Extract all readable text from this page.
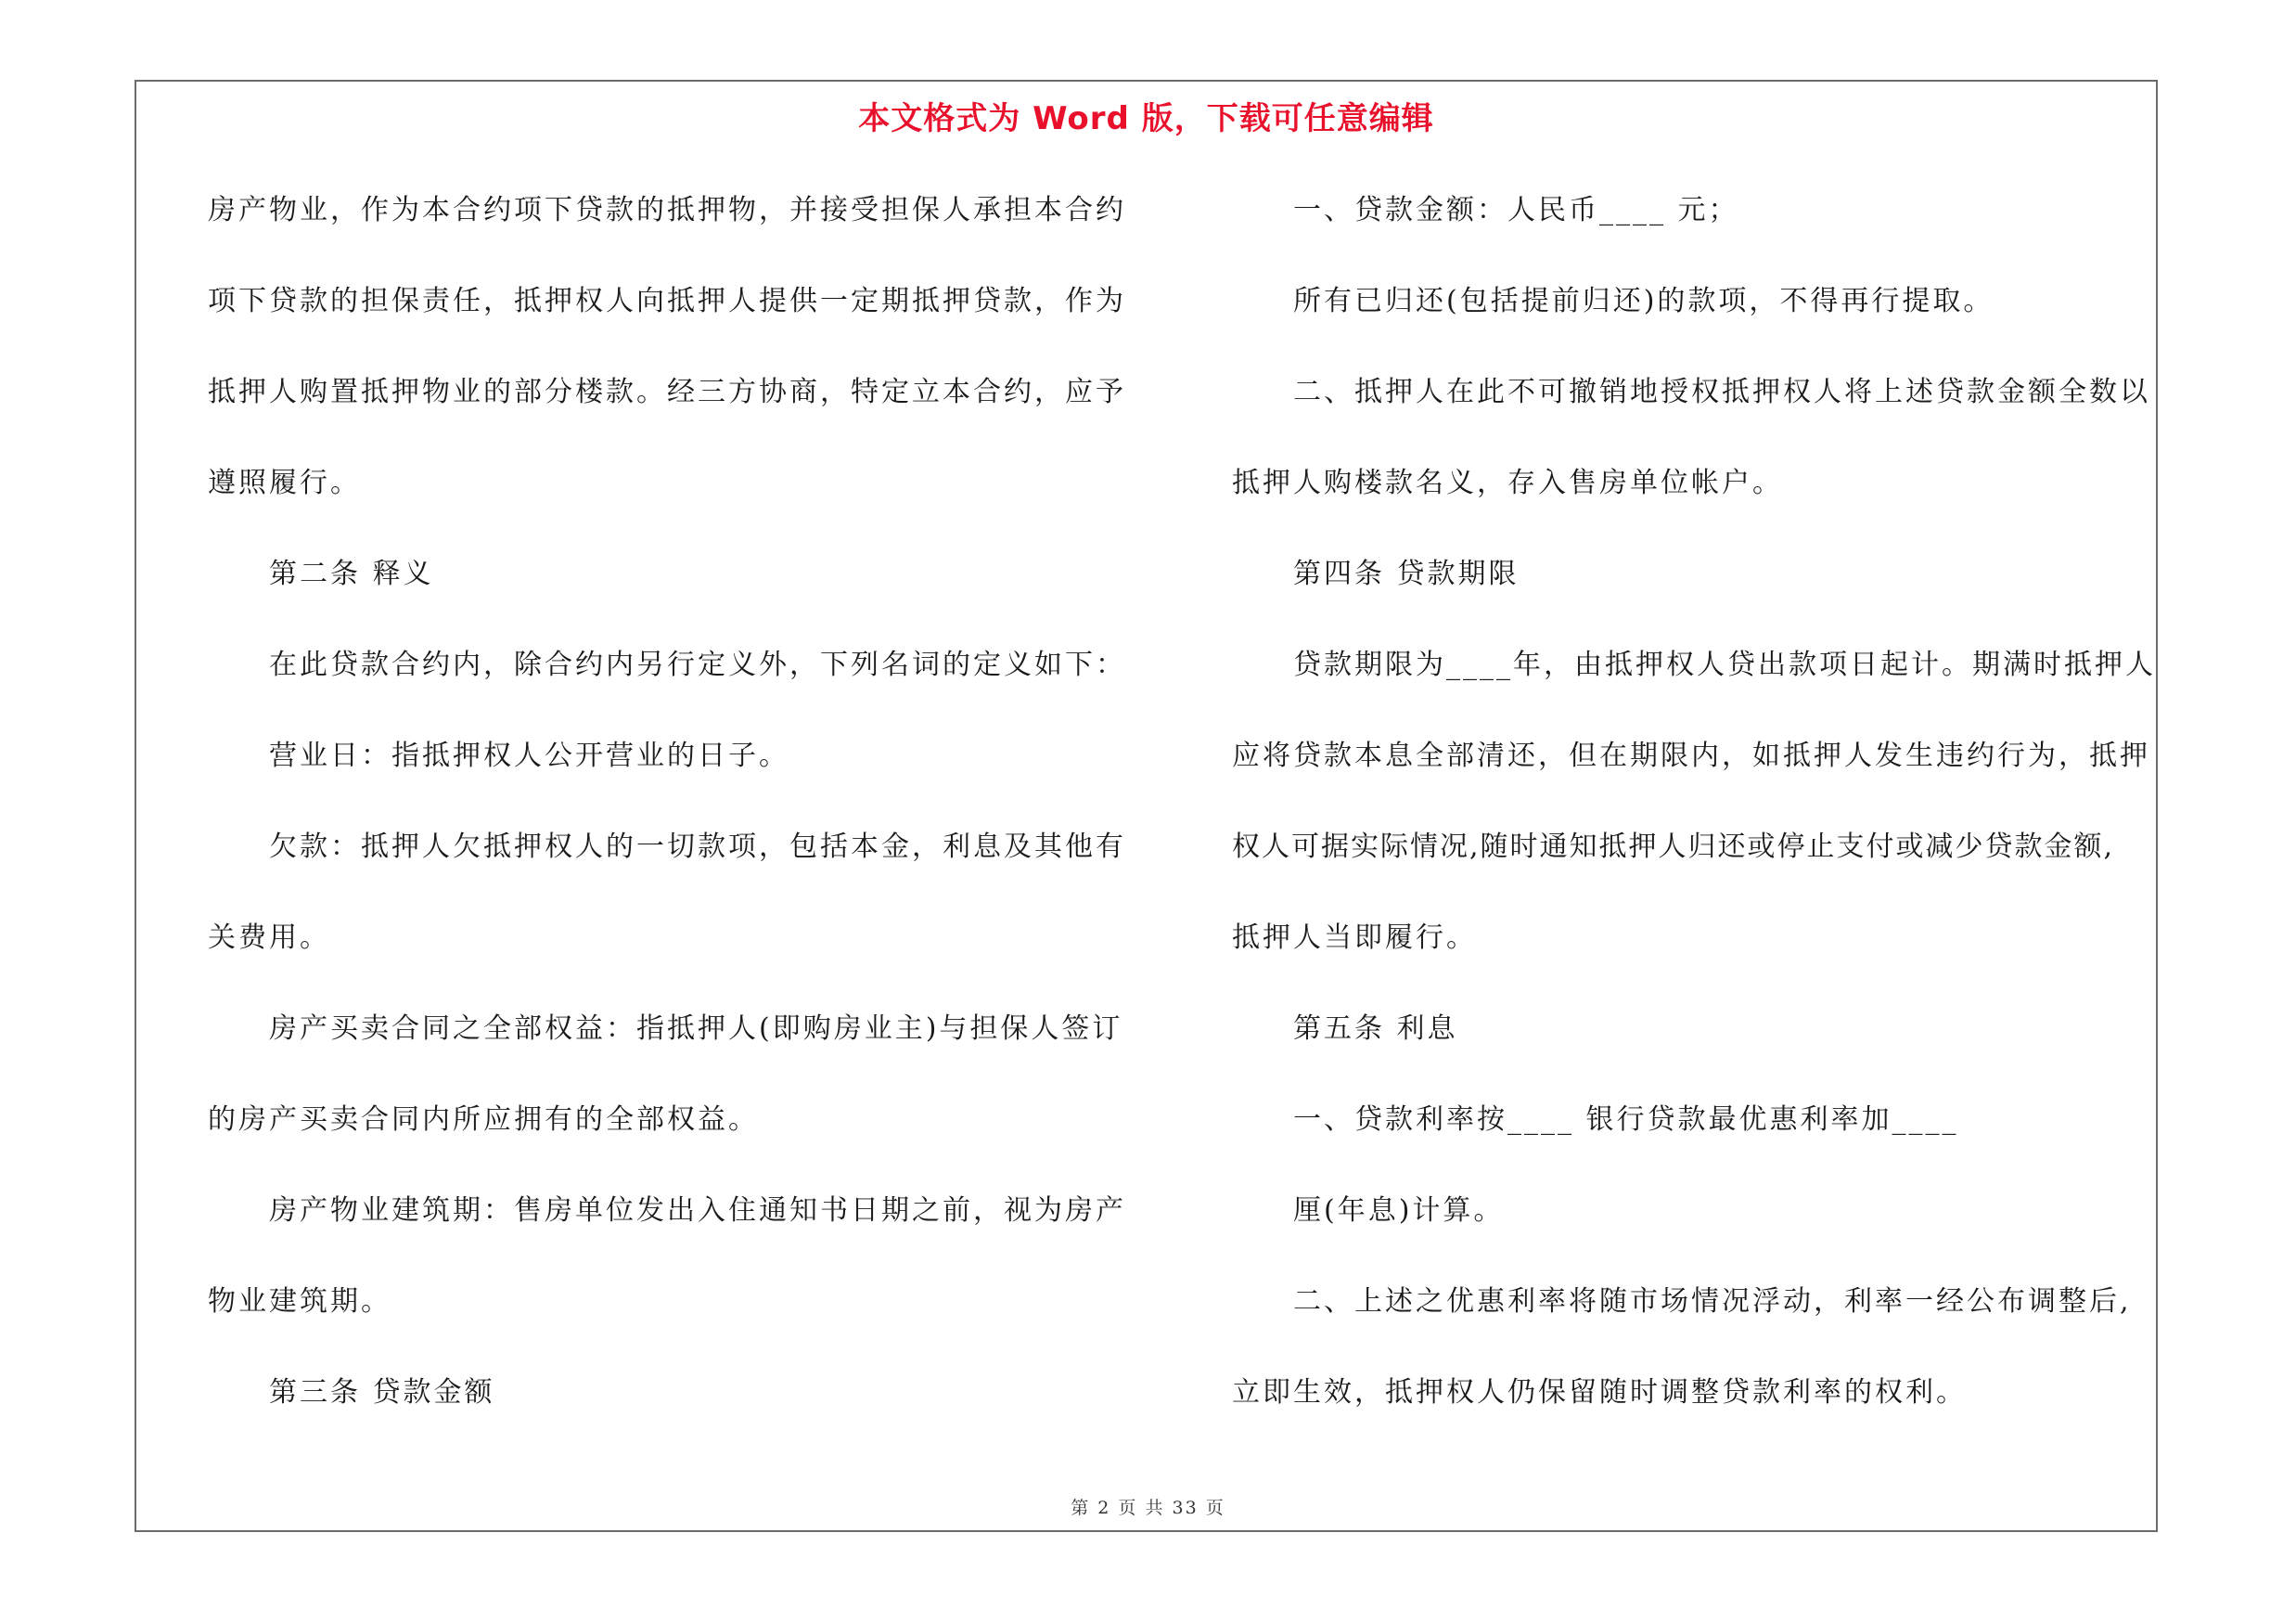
本文格式为 Word 版，下载可任意编辑
房产物业，作为本合约项下贷款的抵押物，并接受担保人承担本合约
项下贷款的担保责任，抵押权人向抵押人提供一定期抵押贷款，作为
抵押人购置抵押物业的部分楼款。经三方协商，特定立本合约，应予
遵照履行。
第二条 释义
在此贷款合约内，除合约内另行定义外，下列名词的定义如下：
营业日：指抵押权人公开营业的日子。
欠款：抵押人欠抵押权人的一切款项，包括本金，利息及其他有
关费用。
房产买卖合同之全部权益：指抵押人(即购房业主)与担保人签订
的房产买卖合同内所应拥有的全部权益。
房产物业建筑期：售房单位发出入住通知书日期之前，视为房产
物业建筑期。
第三条 贷款金额
一、贷款金额：人民币____ 元；
所有已归还(包括提前归还)的款项，不得再行提取。
二、抵押人在此不可撤销地授权抵押权人将上述贷款金额全数以
抵押人购楼款名义，存入售房单位帐户。
第四条 贷款期限
贷款期限为____年，由抵押权人贷出款项日起计。期满时抵押人
应将贷款本息全部清还，但在期限内，如抵押人发生违约行为，抵押
权人可据实际情况,随时通知抵押人归还或停止支付或减少贷款金额,
抵押人当即履行。
第五条 利息
一、贷款利率按____ 银行贷款最优惠利率加____
厘(年息)计算。
二、上述之优惠利率将随市场情况浮动，利率一经公布调整后,
立即生效，抵押权人仍保留随时调整贷款利率的权利。
第 2 页 共 33 页
